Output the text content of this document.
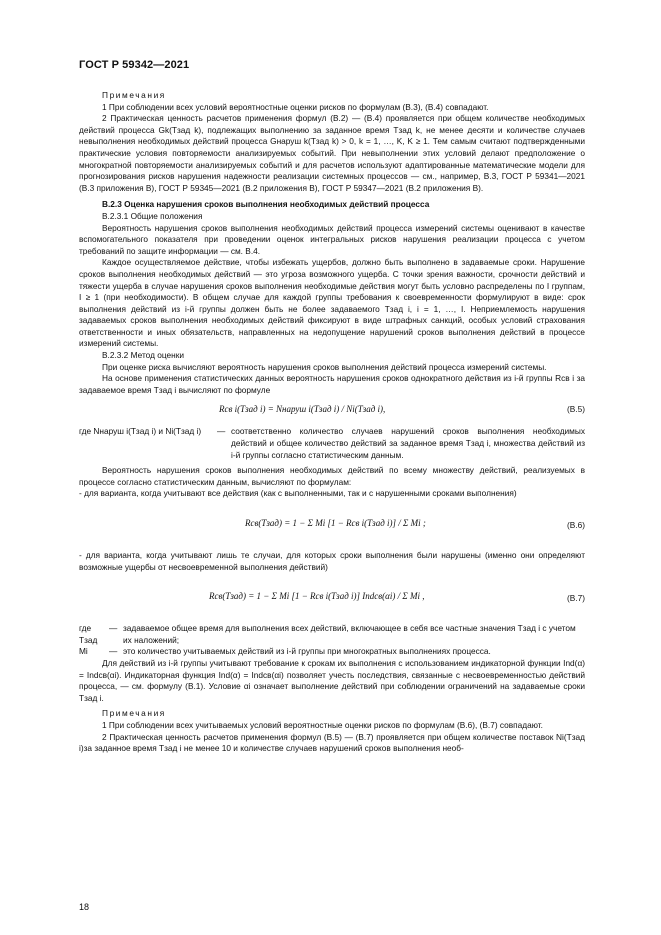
ГОСТ Р 59342—2021

Примечания

1 При соблюдении всех условий вероятностные оценки рисков по формулам (В.3), (В.4) совпадают.

2 Практическая ценность расчетов применения формул (В.2) — (В.4) проявляется при общем количестве необходимых действий процесса Gk(Tзад k), подлежащих выполнению за заданное время Tзад k, не менее десяти и количестве случаев невыполнения необходимых действий процесса Gнаруш k(Tзад k) > 0, k = 1, …, K, K ≥ 1. Тем самым считают подтвержденными практические условия повторяемости анализируемых событий. При невыполнении этих условий делают предположение о многократной повторяемости анализируемых событий и для расчетов используют адаптированные математические модели для прогнозирования рисков нарушения надежности реализации системных процессов — см., например, В.3, ГОСТ Р 59341—2021 (В.3 приложения В), ГОСТ Р 59345—2021 (В.2 приложения В), ГОСТ Р 59347—2021 (В.2 приложения В).

В.2.3 Оценка нарушения сроков выполнения необходимых действий процесса

В.2.3.1 Общие положения

Вероятность нарушения сроков выполнения необходимых действий процесса измерений системы оценивают в качестве вспомогательного показателя при проведении оценок интегральных рисков нарушения реализации процесса с учетом требований по защите информации — см. В.4.

Каждое осуществляемое действие, чтобы избежать ущербов, должно быть выполнено в задаваемые сроки. Нарушение сроков выполнения необходимых действий — это угроза возможного ущерба. С точки зрения важности, срочности действий и тяжести ущерба в случае нарушения сроков выполнения необходимые действия могут быть условно распределены по I группам, I ≥ 1 (при необходимости). В общем случае для каждой группы требования к своевременности формулируют в виде: срок выполнения действий из i-й группы должен быть не более задаваемого Tзад i, i = 1, …, I. Неприемлемость нарушения задаваемых сроков выполнения необходимых действий фиксируют в виде штрафных санкций, особых условий страхования ответственности и иных обязательств, направленных на недопущение нарушений сроков выполнения действий в процессе измерений системы.

В.2.3.2 Метод оценки

При оценке риска вычисляют вероятность нарушения сроков выполнения действий процесса измерений системы.

На основе применения статистических данных вероятность нарушения сроков однократного действия из i-й группы Rсв i за задаваемое время Tзад i вычисляют по формуле

Rсв i(Tзад i) = Nнаруш i(Tзад i) / Ni(Tзад i),	(В.5)
где Nнаруш i(Tзад i) и Ni(Tзад i)	— соответственно количество случаев нарушений сроков выполнения необходимых действий и общее количество действий за заданное время Tзад i, множества действий из i-й группы согласно статистическим данным.

Вероятность нарушения сроков выполнения необходимых действий по всему множеству действий, реализуемых в процессе согласно статистическим данным, вычисляют по формулам:

- для варианта, когда учитывают все действия (как с выполненными, так и с нарушенными сроками выполнения)

Rсв(Tзад) = 1 − Σ Mi [1 − Rсв i(Tзад i)] / Σ Mi ;	(В.6)

- для варианта, когда учитывают лишь те случаи, для которых сроки выполнения были нарушены (именно они определяют возможные ущербы от несвоевременной выполнения действий)

Rсв(Tзад) = 1 − Σ Mi [1 − Rсв i(Tзад i)] Indсв(αi) / Σ Mi ,	(В.7)
где Tзад
— задаваемое общее время для выполнения всех действий, включающее в себя все частные значения Tзад i с учетом их наложений;
Mi	— это количество учитываемых действий из i-й группы при многократных выполнениях процесса.

Для действий из i-й группы учитывают требование к срокам их выполнения с использованием индикаторной функции Ind(α) = Indсв(αi). Индикаторная функция Ind(α) = Indсв(αi) позволяет учесть последствия, связанные с несвоевременностью действий процесса, — см. формулу (В.1). Условие αi означает выполнение действий при соблюдении ограничений на задаваемые сроки Tзад i.

Примечания

1 При соблюдении всех учитываемых условий вероятностные оценки рисков по формулам (В.6), (В.7) совпадают.

2 Практическая ценность расчетов применения формул (В.5) — (В.7) проявляется при общем количестве поставок Ni(Tзад i)за заданное время Tзад i не менее 10 и количестве случаев нарушений сроков выполнения необ-

18
